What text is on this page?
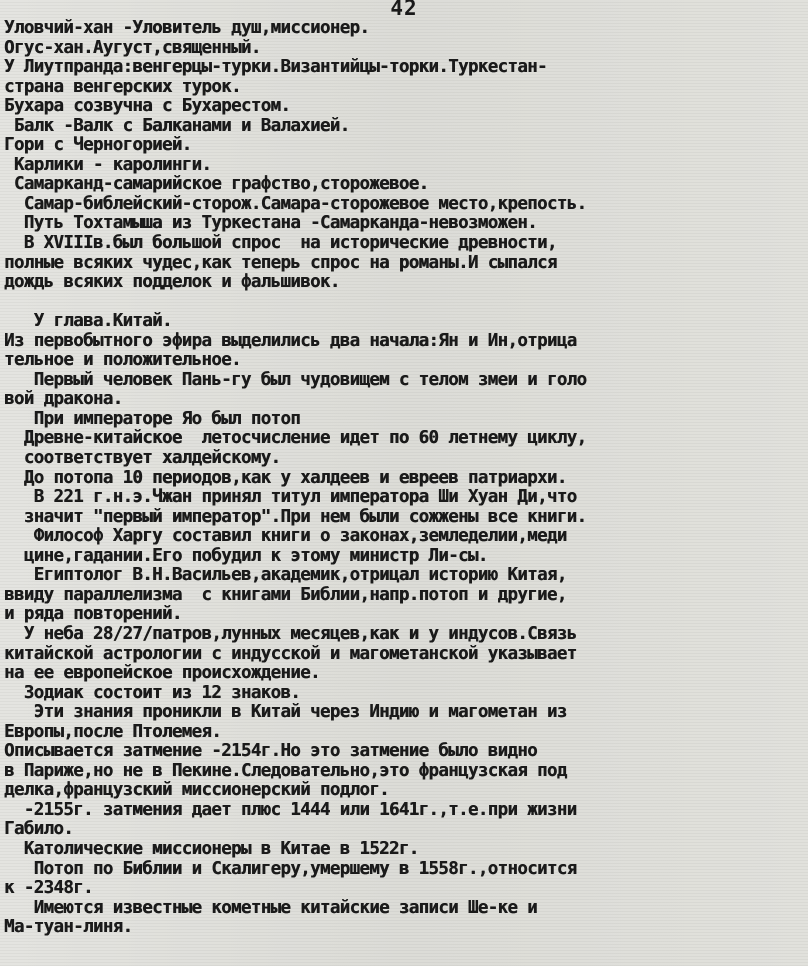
42
Уловчий-хан -Уловитель душ,миссионер.
Огус-хан.Аугуст,священный.
У Лиутпранда:венгерцы-турки.Византийцы-торки.Туркестан-
страна венгерских турок.
Бухара созвучна с Бухарестом.
Балк -Валк с Балканами и Валахией.
Гори с Черногорией.
Карлики - каролинги.
Самарканд-самарийское графство,сторожевое.
Самар-библейский-сторож.Самара-сторожевое место,крепость.
Путь Тохтамыша из Туркестана -Самарканда-невозможен.
В XVIIIв.был большой спрос  на историчеcкие древности,
полные всяких чудес,как теперь спрос на романы.И сыпался
дождь всяких подделок и фальшивок.
У глава.Китай.
Из первобытного эфира выделились два начала:Ян и Ин,отрица
тельное и положительное.
Первый человек Пань-гу был чудовищем с телом змеи и голо
вой дракона.
При императоре Яо был потоп
Древне-китайское  летосчисление идет по 60 летнему циклу,
соответствует халдейскому.
До потопа 10 периодов,как у халдеев и евреев патриархи.
В 221 г.н.э.Чжан принял титул императора Ши Хуан Ди,что
значит "первый император".При нем были сожжены все книги.
Философ Харгу составил книги о законах,земледелии,меди
цине,гадании.Его побудил к этому министр Ли-сы.
Египтолог В.Н.Васильев,академик,отрицал историю Китая,
ввиду параллелизма  с книгами Библии,напр.потоп и другие,
и ряда повторений.
У неба 28/27/патров,лунных месяцев,как и у индусов.Связь
китайской астрологии с индусской и магометанской указывает
на ее европейское происхождение.
Зодиак состоит из 12 знаков.
Эти знания проникли в Китай через Индию и магометан из
Европы,после Птолемея.
Описывается затмение -2154г.Но это затмение было видно
в Париже,но не в Пекине.Следовательно,это французская под
делка,французский миссионерский подлог.
-2155г. затмения дает плюс 1444 или 1641г.,т.е.при жизни
Габило.
Католические миссионеры в Китае в 1522г.
Потоп по Библии и Скалигеру,умершему в 1558г.,относится
к -2348г.
Имеются известные кометные китайские записи Ше-ке и
Ма-туан-линя.
